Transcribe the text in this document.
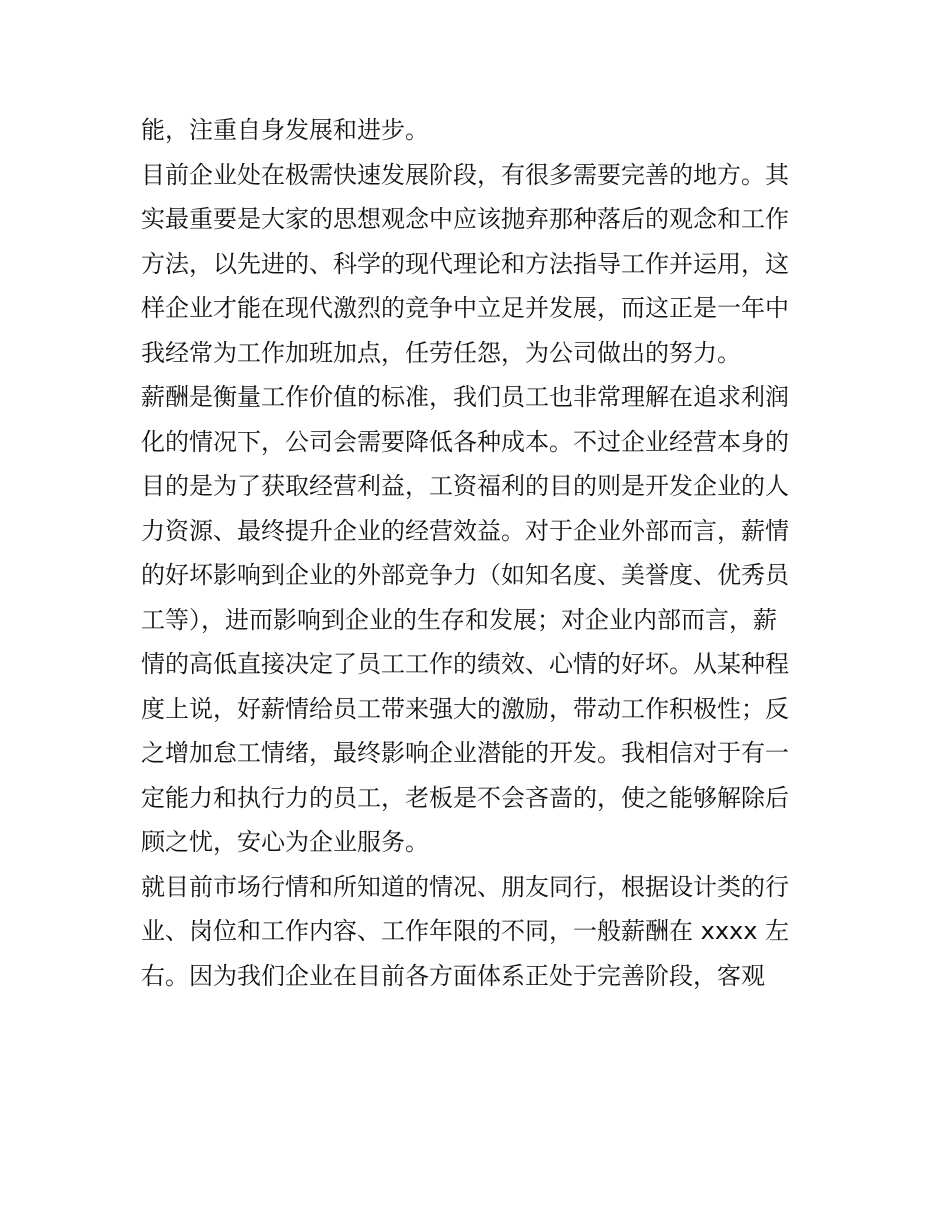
能，注重自身发展和进步。
目前企业处在极需快速发展阶段，有很多需要完善的地方。其
实最重要是大家的思想观念中应该抛弃那种落后的观念和工作
方法，以先进的、科学的现代理论和方法指导工作并运用，这
样企业才能在现代激烈的竞争中立足并发展，而这正是一年中
我经常为工作加班加点，任劳任怨，为公司做出的努力。
薪酬是衡量工作价值的标准，我们员工也非常理解在追求利润
化的情况下，公司会需要降低各种成本。不过企业经营本身的
目的是为了获取经营利益，工资福利的目的则是开发企业的人
力资源、最终提升企业的经营效益。对于企业外部而言，薪情
的好坏影响到企业的外部竞争力（如知名度、美誉度、优秀员
工等），进而影响到企业的生存和发展；对企业内部而言，薪
情的高低直接决定了员工工作的绩效、心情的好坏。从某种程
度上说，好薪情给员工带来强大的激励，带动工作积极性；反
之增加怠工情绪，最终影响企业潜能的开发。我相信对于有一
定能力和执行力的员工，老板是不会吝啬的，使之能够解除后
顾之忧，安心为企业服务。
就目前市场行情和所知道的情况、朋友同行，根据设计类的行
业、岗位和工作内容、工作年限的不同，一般薪酬在 xxxx 左
右。因为我们企业在目前各方面体系正处于完善阶段，客观
